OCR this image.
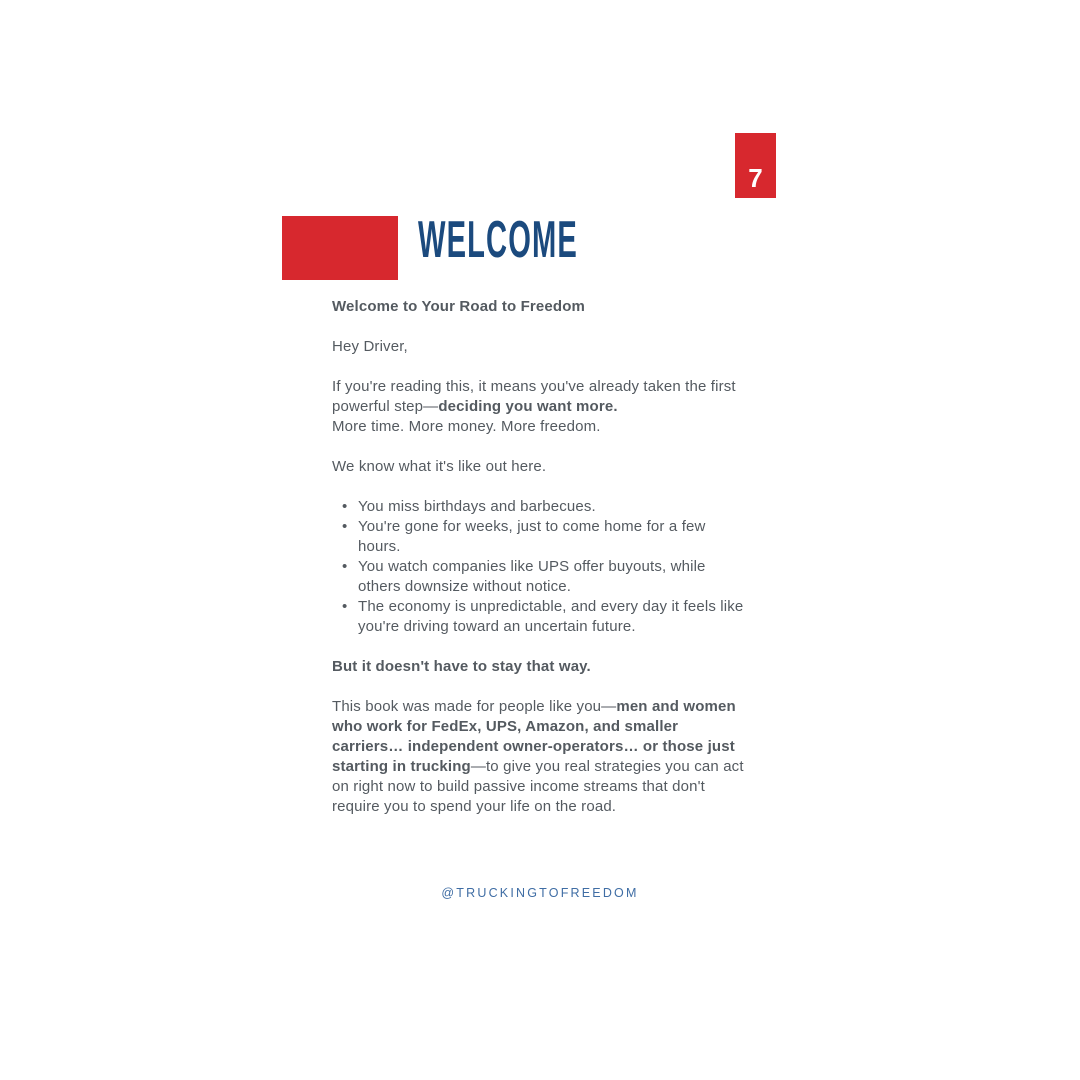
7
WELCOME

Welcome to Your Road to Freedom

Hey Driver,

If you're reading this, it means you've already taken the first powerful step—deciding you want more.
More time. More money. More freedom.

We know what it's like out here.

• You miss birthdays and barbecues.
• You're gone for weeks, just to come home for a few hours.
• You watch companies like UPS offer buyouts, while others downsize without notice.
• The economy is unpredictable, and every day it feels like you're driving toward an uncertain future.

But it doesn't have to stay that way.

This book was made for people like you—men and women who work for FedEx, UPS, Amazon, and smaller carriers… independent owner-operators… or those just starting in trucking—to give you real strategies you can act on right now to build passive income streams that don't require you to spend your life on the road.

@TRUCKINGTOFREEDOM
